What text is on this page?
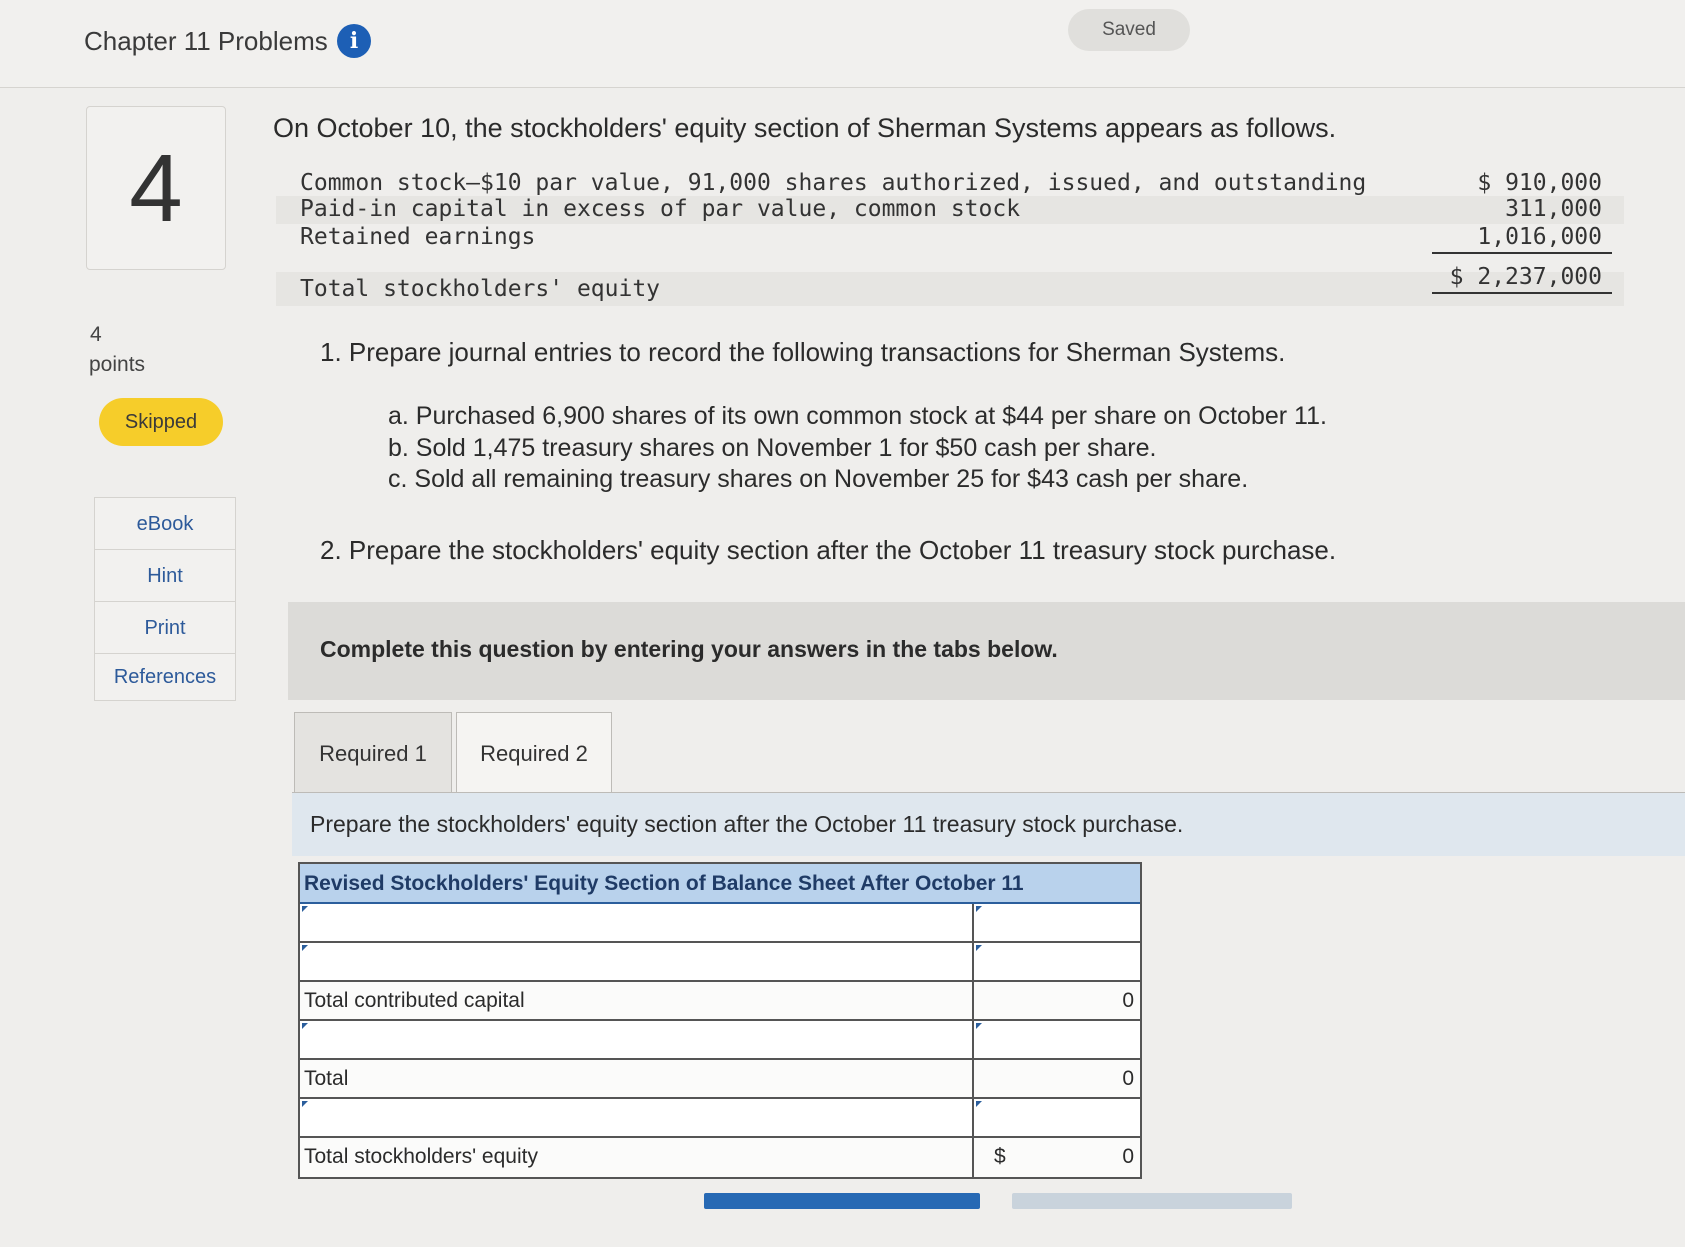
Chapter 11 Problems	i	Saved
4
4
points
Skipped
eBook
Hint
Print
References
On October 10, the stockholders' equity section of Sherman Systems appears as follows.
Common stock—$10 par value, 91,000 shares authorized, issued, and outstanding	$ 910,000
Paid-in capital in excess of par value, common stock	311,000
Retained earnings	1,016,000
Total stockholders' equity	$ 2,237,000
1. Prepare journal entries to record the following transactions for Sherman Systems.
a. Purchased 6,900 shares of its own common stock at $44 per share on October 11.
b. Sold 1,475 treasury shares on November 1 for $50 cash per share.
c. Sold all remaining treasury shares on November 25 for $43 cash per share.
2. Prepare the stockholders' equity section after the October 11 treasury stock purchase.
Complete this question by entering your answers in the tabs below.
Required 1	Required 2
Prepare the stockholders' equity section after the October 11 treasury stock purchase.
Revised Stockholders' Equity Section of Balance Sheet After October 11
Total contributed capital	0
Total	0
Total stockholders' equity	$	0
